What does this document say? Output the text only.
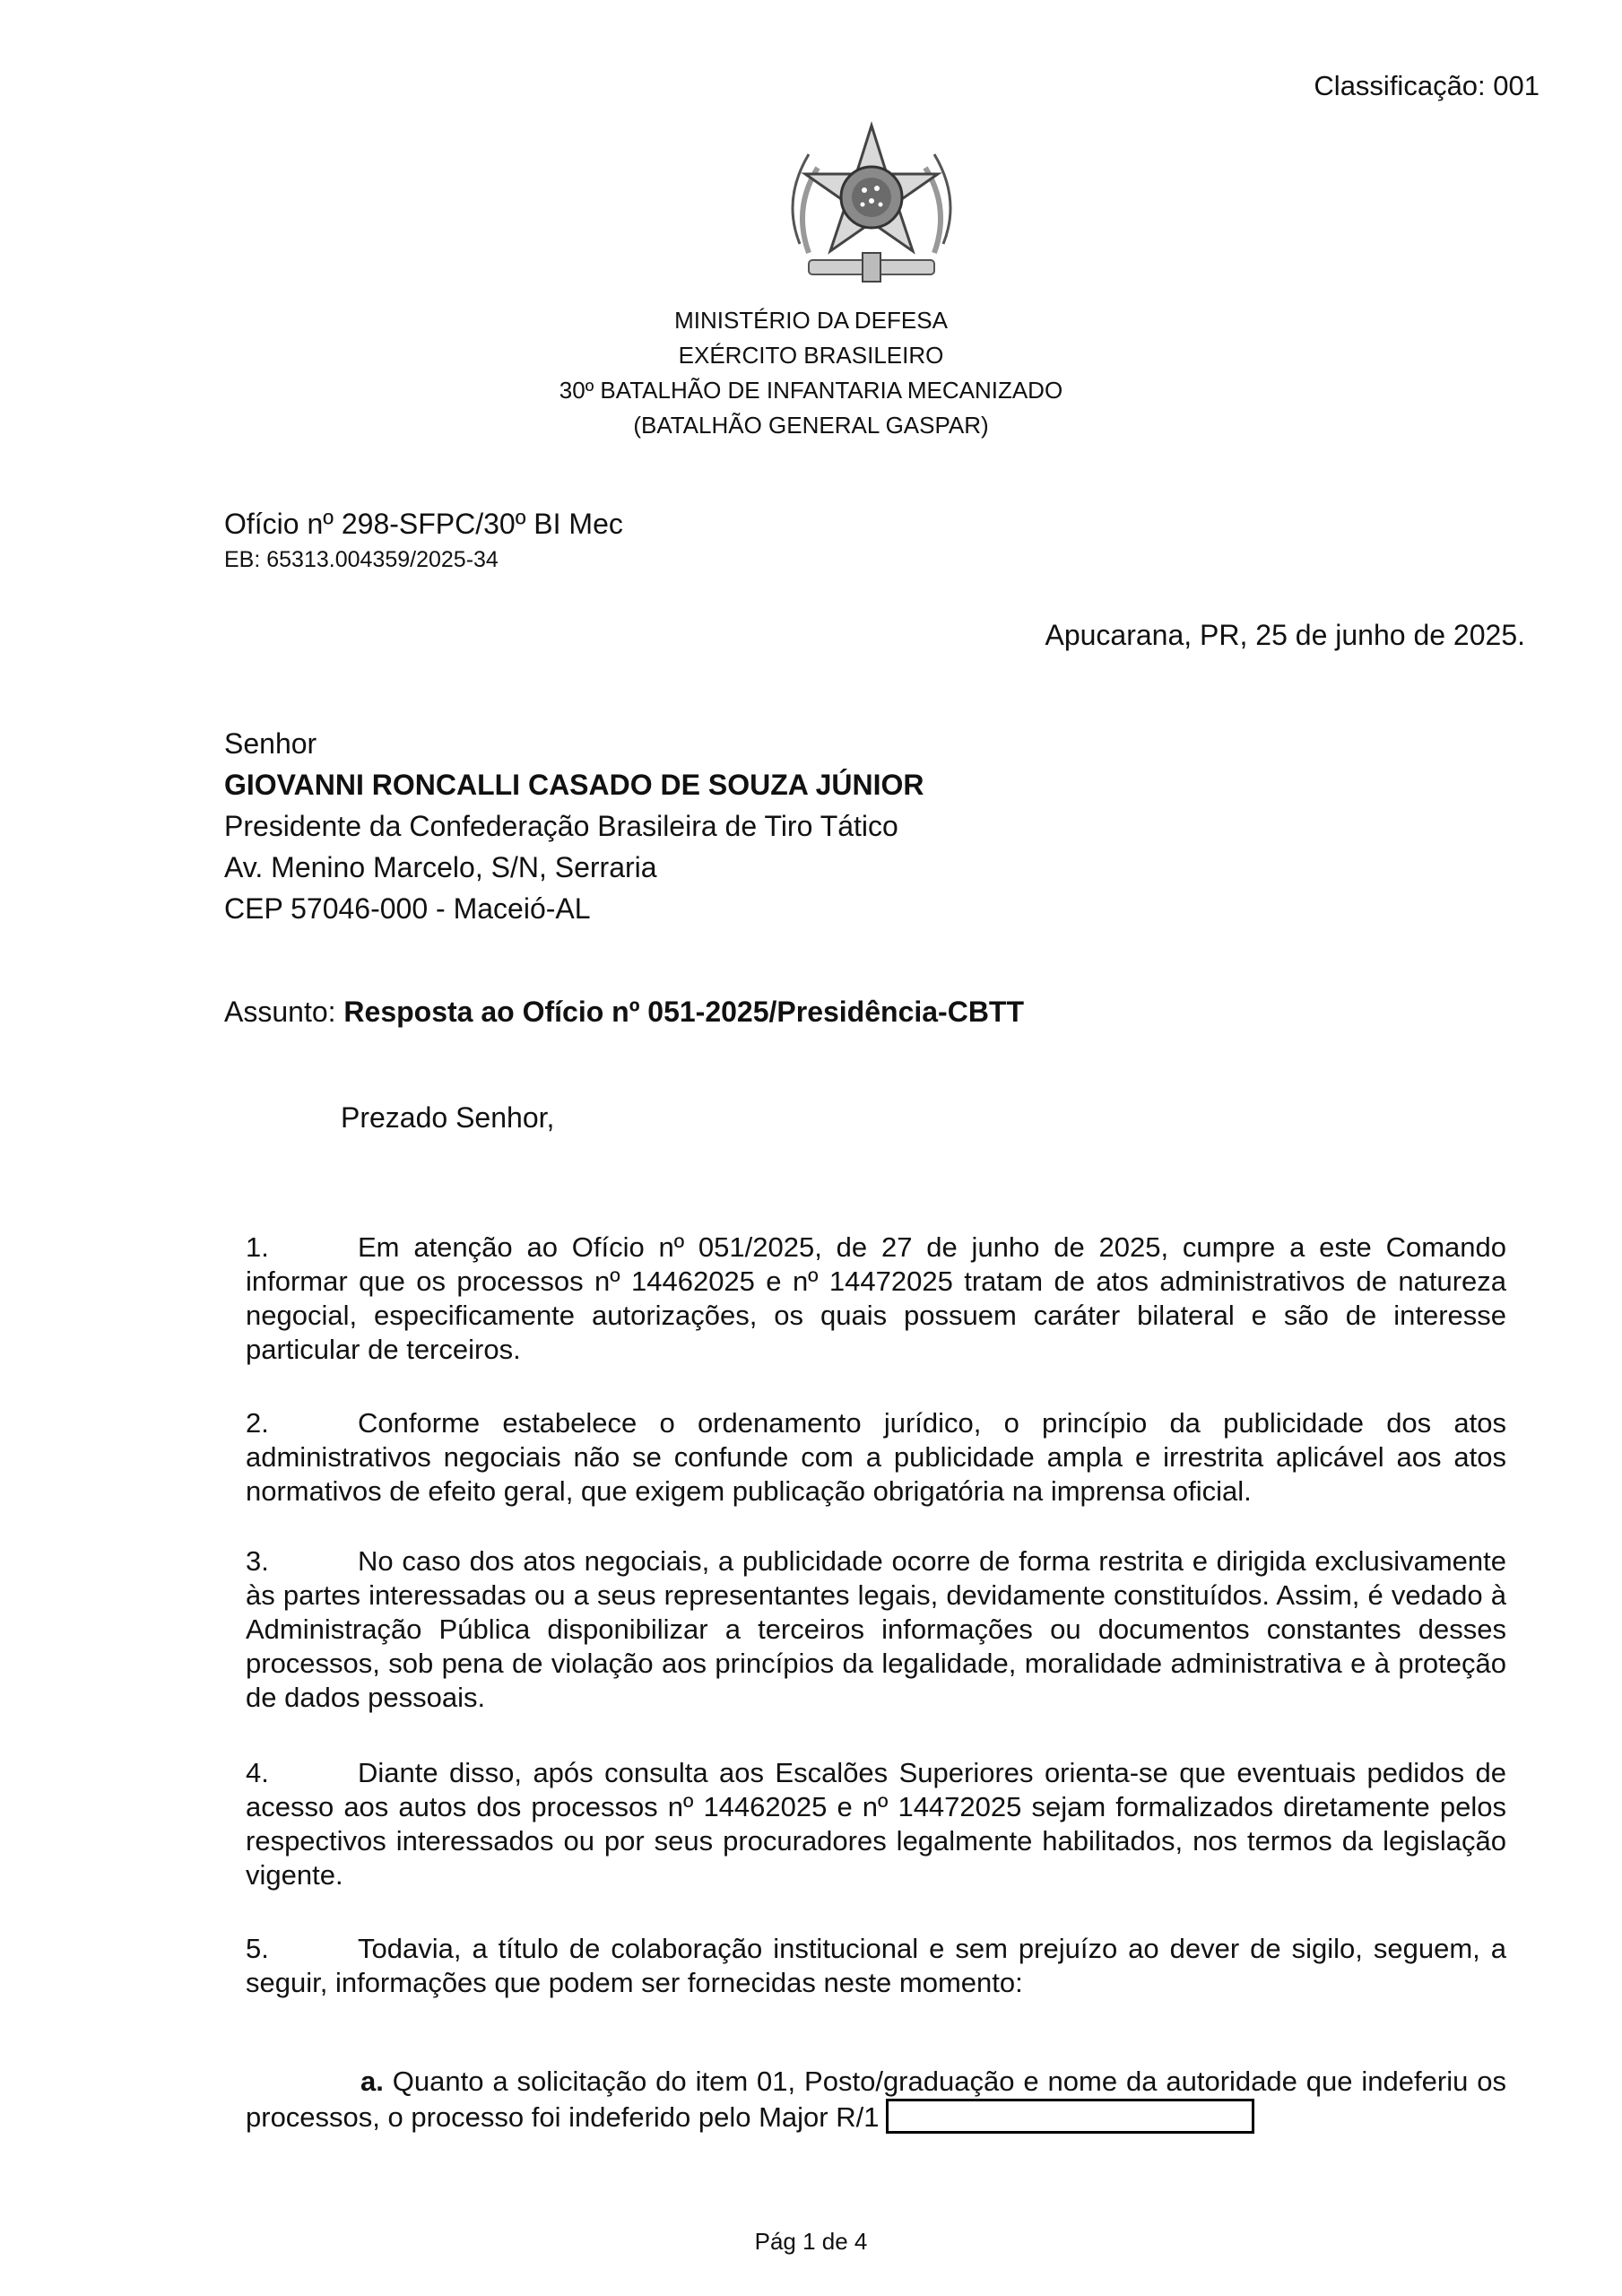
Classificação: 001
MINISTÉRIO DA DEFESA
EXÉRCITO BRASILEIRO
30º BATALHÃO DE INFANTARIA MECANIZADO
(BATALHÃO GENERAL GASPAR)
Ofício nº 298-SFPC/30º BI Mec
EB: 65313.004359/2025-34
Apucarana, PR, 25 de junho de 2025.
Senhor
GIOVANNI RONCALLI CASADO DE SOUZA JÚNIOR
Presidente da Confederação Brasileira de Tiro Tático
Av. Menino Marcelo, S/N, Serraria
CEP 57046-000 - Maceió-AL
Assunto: Resposta ao Ofício nº 051-2025/Presidência-CBTT
Prezado Senhor,
1.	Em atenção ao Ofício nº 051/2025, de 27 de junho de 2025, cumpre a este Comando informar que os processos nº 14462025 e nº 14472025 tratam de atos administrativos de natureza negocial, especificamente autorizações, os quais possuem caráter bilateral e são de interesse particular de terceiros.
2.	Conforme estabelece o ordenamento jurídico, o princípio da publicidade dos atos administrativos negociais não se confunde com a publicidade ampla e irrestrita aplicável aos atos normativos de efeito geral, que exigem publicação obrigatória na imprensa oficial.
3.	No caso dos atos negociais, a publicidade ocorre de forma restrita e dirigida exclusivamente às partes interessadas ou a seus representantes legais, devidamente constituídos. Assim, é vedado à Administração Pública disponibilizar a terceiros informações ou documentos constantes desses processos, sob pena de violação aos princípios da legalidade, moralidade administrativa e à proteção de dados pessoais.
4.	Diante disso, após consulta aos Escalões Superiores orienta-se que eventuais pedidos de acesso aos autos dos processos nº 14462025 e nº 14472025 sejam formalizados diretamente pelos respectivos interessados ou por seus procuradores legalmente habilitados, nos termos da legislação vigente.
5.	Todavia, a título de colaboração institucional e sem prejuízo ao dever de sigilo, seguem, a seguir, informações que podem ser fornecidas neste momento:
a. Quanto a solicitação do item 01, Posto/graduação e nome da autoridade que indeferiu os processos, o processo foi indeferido pelo Major R/1
Pág 1 de 4
